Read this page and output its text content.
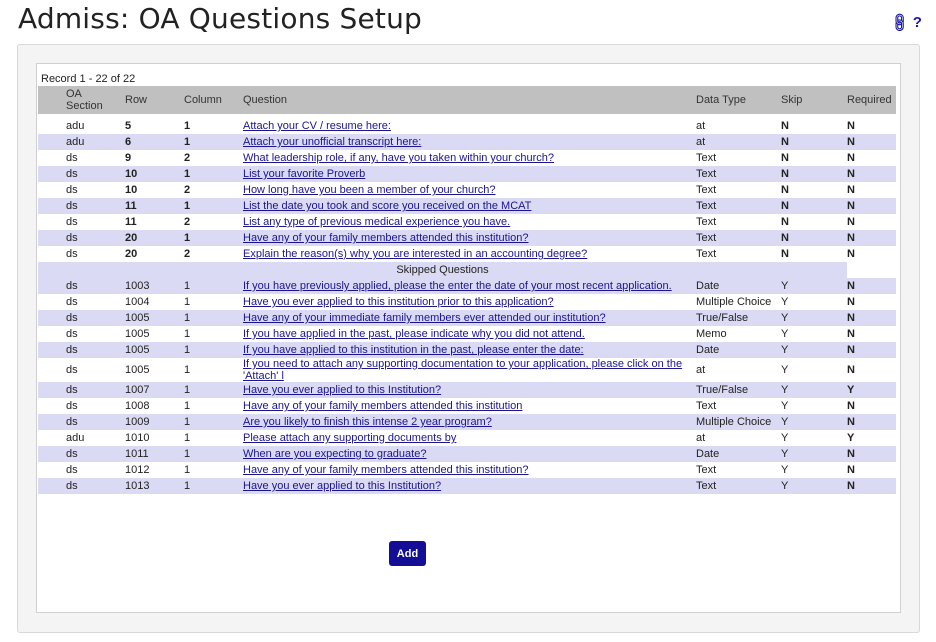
Admiss: OA Questions Setup	🔗︎ ?
Record 1 - 22 of 22
	OA Section	Row	Column	Question	Data Type	Skip	Required

	adu	5	1	Attach your CV / resume here:	at	N	N
	adu	6	1	Attach your unofficial transcript here:	at	N	N
	ds	9	2	What leadership role, if any, have you taken within your church?	Text	N	N
	ds	10	1	List your favorite Proverb	Text	N	N
	ds	10	2	How long have you been a member of your church?	Text	N	N
	ds	11	1	List the date you took and score you received on the MCAT	Text	N	N
	ds	11	2	List any type of previous medical experience you have.	Text	N	N
	ds	20	1	Have any of your family members attended this institution?	Text	N	N
	ds	20	2	Explain the reason(s) why you are interested in an accounting degree?	Text	N	N
Skipped Questions							
	ds	1003	1	If you have previously applied, please the enter the date of your most recent application.	Date	Y	N
	ds	1004	1	Have you ever applied to this institution prior to this application?	Multiple Choice	Y	N
	ds	1005	1	Have any of your immediate family members ever attended our institution?	True/False	Y	N
	ds	1005	1	If you have applied in the past, please indicate why you did not attend.	Memo	Y	N
	ds	1005	1	If you have applied to this institution in the past, please enter the date:	Date	Y	N
	ds	1005	1	If you need to attach any supporting documentation to your application, please click on the 'Attach' l	at	Y	N
	ds	1007	1	Have you ever applied to this Institution?	True/False	Y	Y
	ds	1008	1	Have any of your family members attended this institution	Text	Y	N
	ds	1009	1	Are you likely to finish this intense 2 year program?	Multiple Choice	Y	N
	adu	1010	1	Please attach any supporting documents by	at	Y	Y
	ds	1011	1	When are you expecting to graduate?	Date	Y	N
	ds	1012	1	Have any of your family members attended this institution?	Text	Y	N
	ds	1013	1	Have you ever applied to this Institution?	Text	Y	N
Add
